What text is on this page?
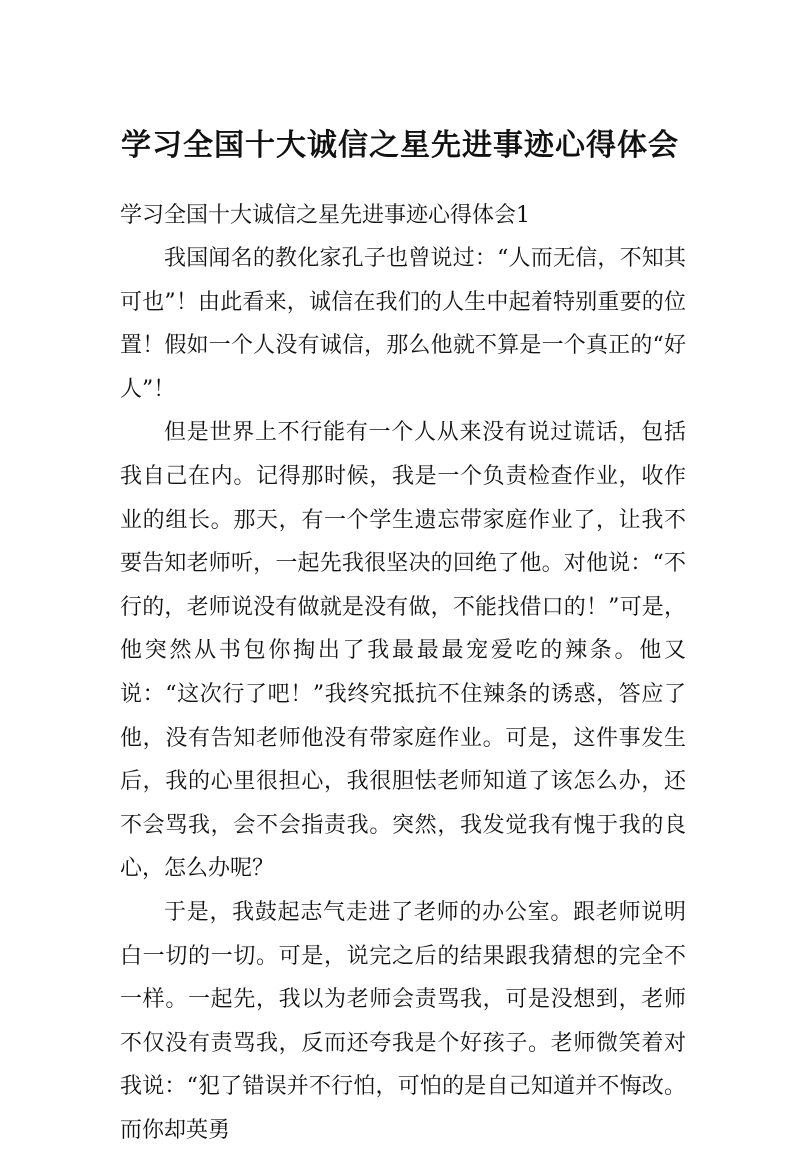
学习全国十大诚信之星先进事迹心得体会
学习全国十大诚信之星先进事迹心得体会1

我国闻名的教化家孔子也曾说过：“人而无信，不知其可也”！由此看来，诚信在我们的人生中起着特别重要的位置！假如一个人没有诚信，那么他就不算是一个真正的“好人”！

但是世界上不行能有一个人从来没有说过谎话，包括我自己在内。记得那时候，我是一个负责检查作业，收作业的组长。那天，有一个学生遗忘带家庭作业了，让我不要告知老师听，一起先我很坚决的回绝了他。对他说：“不行的，老师说没有做就是没有做，不能找借口的！”可是，他突然从书包你掏出了我最最最宠爱吃的辣条。他又说：“这次行了吧！”我终究抵抗不住辣条的诱惑，答应了他，没有告知老师他没有带家庭作业。可是，这件事发生后，我的心里很担心，我很胆怯老师知道了该怎么办，还不会骂我，会不会指责我。突然，我发觉我有愧于我的良心，怎么办呢？

于是，我鼓起志气走进了老师的办公室。跟老师说明白一切的一切。可是，说完之后的结果跟我猜想的完全不一样。一起先，我以为老师会责骂我，可是没想到，老师不仅没有责骂我，反而还夸我是个好孩子。老师微笑着对我说：“犯了错误并不行怕，可怕的是自己知道并不悔改。而你却英勇
